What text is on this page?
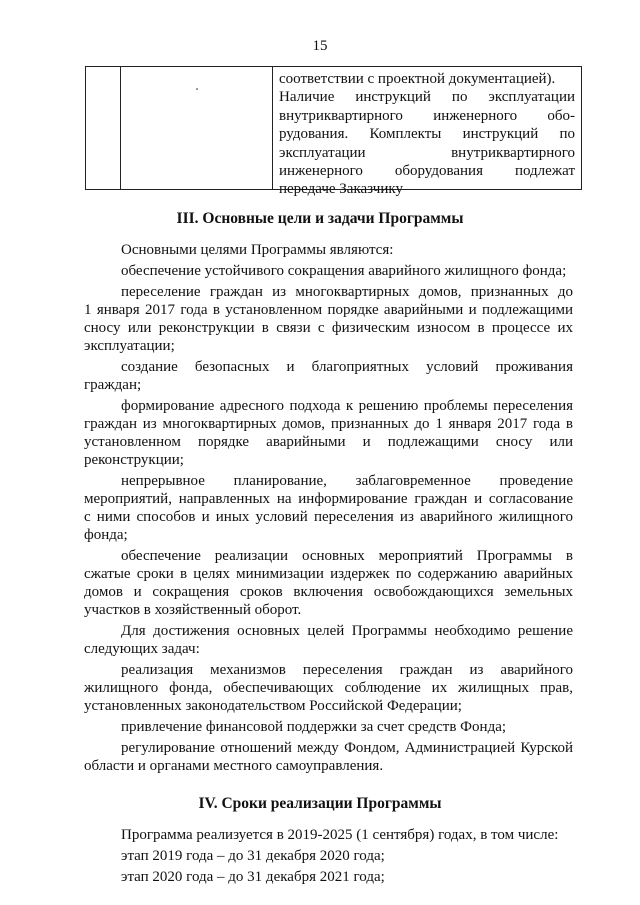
15
соответствии с проектной документацией).
Наличие инструкций по эксплуатации
внутриквартирного инженерного обо-
рудования. Комплекты инструкций по
эксплуатации внутриквартирного
инженерного оборудования подлежат
передаче Заказчику
III. Основные цели и задачи Программы
Основными целями Программы являются:
обеспечение устойчивого сокращения аварийного жилищного фонда;
переселение граждан из многоквартирных домов, признанных до
1 января 2017 года в установленном порядке аварийными и подлежащими
сносу или реконструкции в связи с физическим износом в процессе их
эксплуатации;
создание безопасных и благоприятных условий проживания
граждан;
формирование адресного подхода к решению проблемы переселения
граждан из многоквартирных домов, признанных до 1 января 2017 года в
установленном порядке аварийными и подлежащими сносу или
реконструкции;
непрерывное планирование, заблаговременное проведение
мероприятий, направленных на информирование граждан и согласование
с ними способов и иных условий переселения из аварийного жилищного
фонда;
обеспечение реализации основных мероприятий Программы в
сжатые сроки в целях минимизации издержек по содержанию аварийных
домов и сокращения сроков включения освобождающихся земельных
участков в хозяйственный оборот.
Для достижения основных целей Программы необходимо решение
следующих задач:
реализация механизмов переселения граждан из аварийного
жилищного фонда, обеспечивающих соблюдение их жилищных прав,
установленных законодательством Российской Федерации;
привлечение финансовой поддержки за счет средств Фонда;
регулирование отношений между Фондом, Администрацией Курской
области и органами местного самоуправления.
IV. Сроки реализации Программы
Программа реализуется в 2019-2025 (1 сентября) годах, в том числе:
этап 2019 года – до 31 декабря 2020 года;
этап 2020 года – до 31 декабря 2021 года;
